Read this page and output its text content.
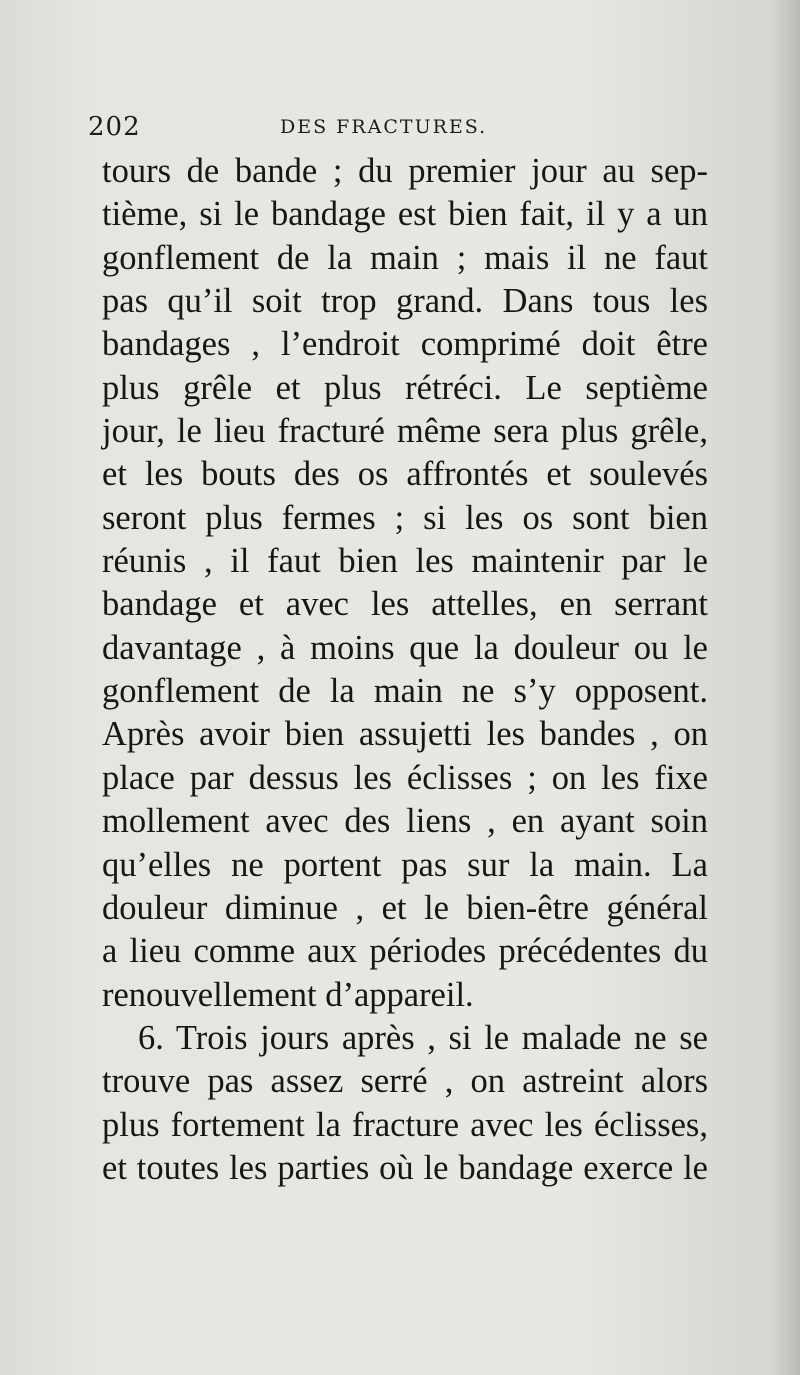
202	DES FRACTURES.
tours de bande ; du premier jour au sep-
tième, si le bandage est bien fait, il y a un
gonflement de la main ; mais il ne faut
pas qu’il soit trop grand. Dans tous les
bandages , l’endroit comprimé doit être
plus grêle et plus rétréci. Le septième
jour, le lieu fracturé même sera plus grêle,
et les bouts des os affrontés et soulevés
seront plus fermes ; si les os sont bien
réunis , il faut bien les maintenir par le
bandage et avec les attelles, en serrant
davantage , à moins que la douleur ou le
gonflement de la main ne s’y opposent.
Après avoir bien assujetti les bandes , on
place par dessus les éclisses ; on les fixe
mollement avec des liens , en ayant soin
qu’elles ne portent pas sur la main. La
douleur diminue , et le bien-être général
a lieu comme aux périodes précédentes du
renouvellement d’appareil.
6. Trois jours après , si le malade ne se
trouve pas assez serré , on astreint alors
plus fortement la fracture avec les éclisses,
et toutes les parties où le bandage exerce le
